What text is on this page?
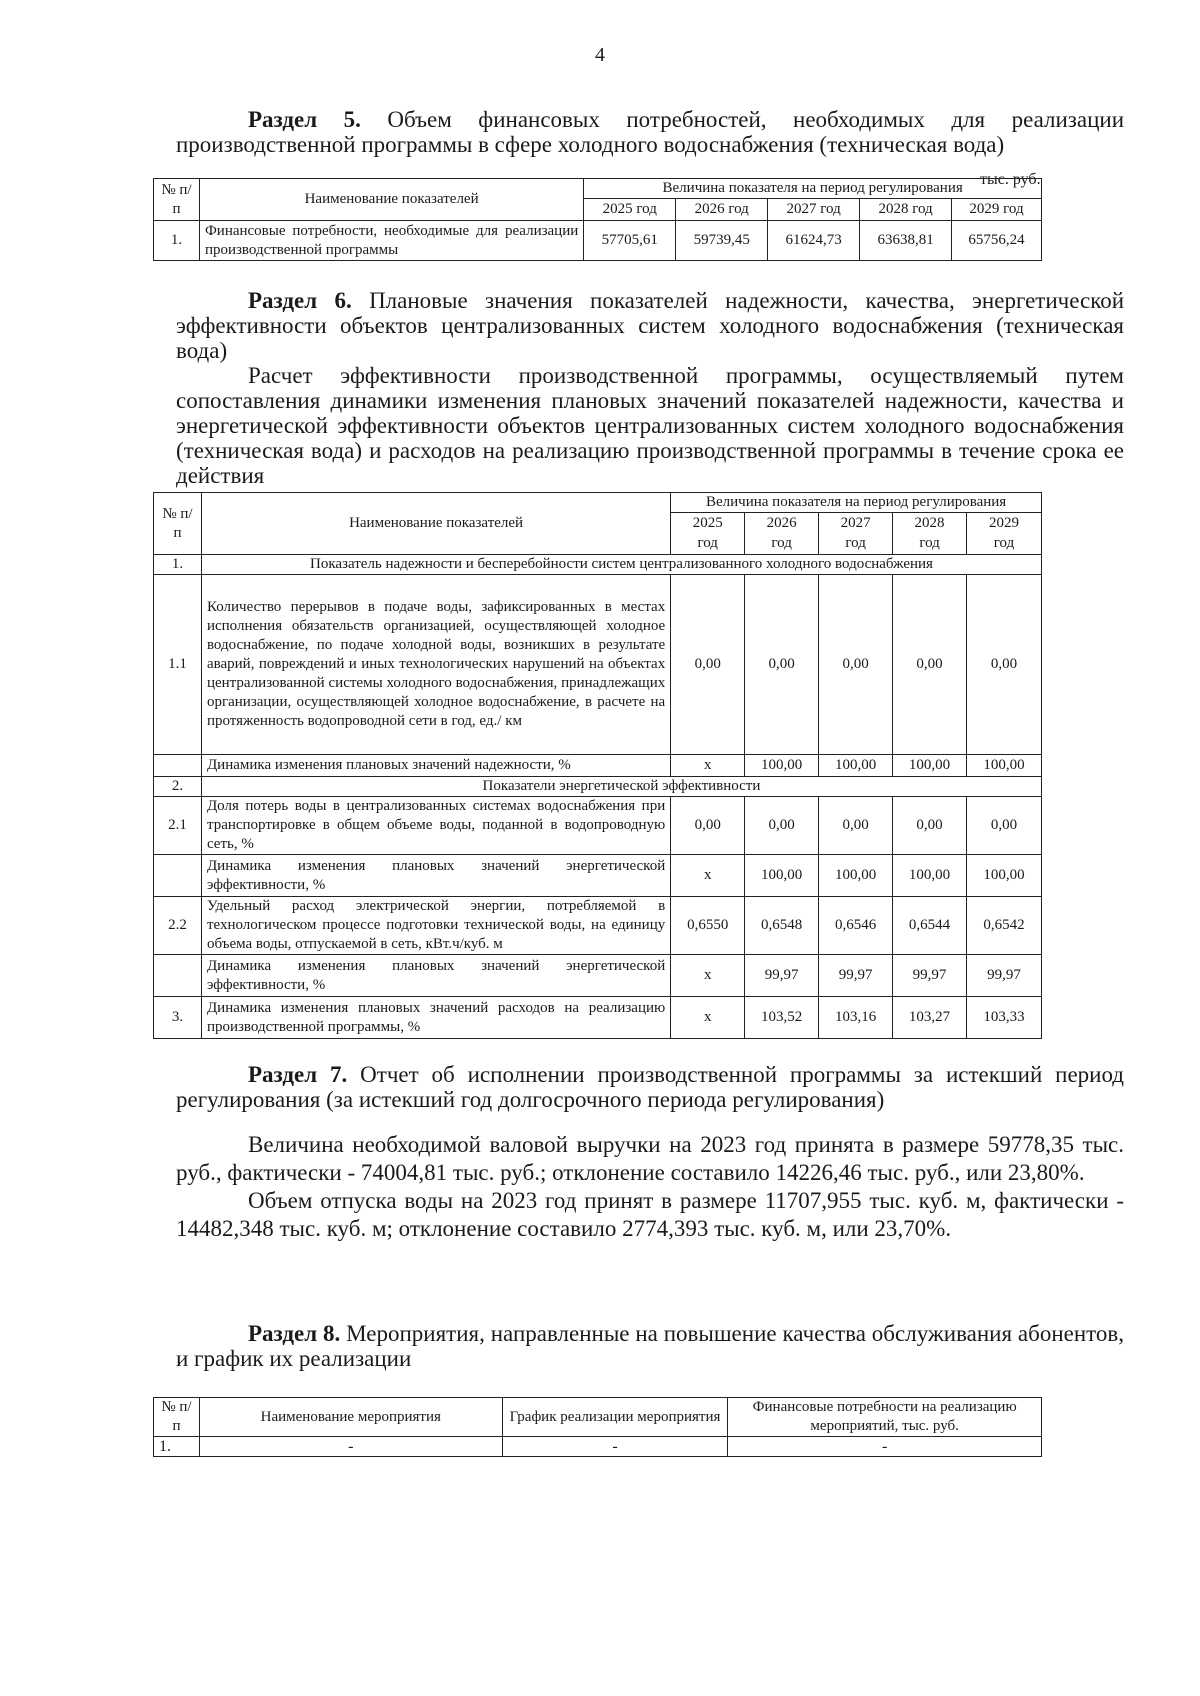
4

Раздел 5. Объем финансовых потребностей, необходимых для реализации производственной программы в сфере холодного водоснабжения (техническая вода)

тыс. руб.
№ п/п	Наименование показателей	Величина показателя на период регулирования				
		2025 год	2026 год	2027 год	2028 год	2029 год
1.	Финансовые потребности, необходимые для реализации производственной программы	57705,61	59739,45	61624,73	63638,81	65756,24

Раздел 6. Плановые значения показателей надежности, качества, энергетической эффективности объектов централизованных систем холодного водоснабжения (техническая вода)

Расчет эффективности производственной программы, осуществляемый путем сопоставления динамики изменения плановых значений показателей надежности, качества и энергетической эффективности объектов централизованных систем холодного водоснабжения (техническая вода) и расходов на реализацию производственной программы в течение срока ее действия

№ п/п	Наименование показателей	Величина показателя на период регулирования				
		2025	2026	2027	2028	2029
		год	год	год	год	год
1.	Показатель надежности и бесперебойности систем централизованного холодного водоснабжения					
1.1	Количество перерывов в подаче воды, зафиксированных в местах исполнения обязательств организацией, осуществляющей холодное водоснабжение, по подаче холодной воды, возникших в результате аварий, повреждений и иных технологических нарушений на объектах централизованной системы холодного водоснабжения, принадлежащих организации, осуществляющей холодное водоснабжение, в расчете на протяженность водопроводной сети в год, ед./ км	0,00	0,00	0,00	0,00	0,00
	Динамика изменения плановых значений надежности, %	х	100,00	100,00	100,00	100,00
2.	Показатели энергетической эффективности					
2.1	Доля потерь воды в централизованных системах водоснабжения при транспортировке в общем объеме воды, поданной в водопроводную сеть, %	0,00	0,00	0,00	0,00	0,00
	Динамика изменения плановых значений энергетической эффективности, %	х	100,00	100,00	100,00	100,00
2.2	Удельный расход электрической энергии, потребляемой в технологическом процессе подготовки технической воды, на единицу объема воды, отпускаемой в сеть, кВт.ч/куб. м	0,6550	0,6548	0,6546	0,6544	0,6542
	Динамика изменения плановых значений энергетической эффективности, %	х	99,97	99,97	99,97	99,97
3.	Динамика изменения плановых значений расходов на реализацию производственной программы, %	х	103,52	103,16	103,27	103,33

Раздел 7. Отчет об исполнении производственной программы за истекший период регулирования (за истекший год долгосрочного периода регулирования)

Величина необходимой валовой выручки на 2023 год принята в размере 59778,35 тыс. руб., фактически - 74004,81 тыс. руб.; отклонение составило 14226,46 тыс. руб., или 23,80%.

Объем отпуска воды на 2023 год принят в размере 11707,955 тыс. куб. м, фактически - 14482,348 тыс. куб. м; отклонение составило 2774,393 тыс. куб. м, или 23,70%.

Раздел 8. Мероприятия, направленные на повышение качества обслуживания абонентов, и график их реализации

№ п/п	Наименование мероприятия	График реализации мероприятия	Финансовые потребности на реализацию мероприятий, тыс. руб.
1.	-	-	-
